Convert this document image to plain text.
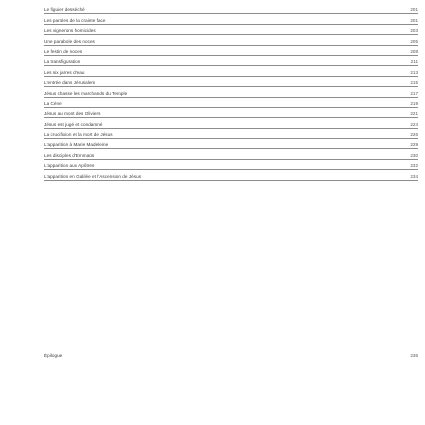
Le figuier desséché	201
Les paroles de la crainte face	201
Les vignerons homicides	203
Une parabole des noces	205
Le festin de noces	208
La transfiguration	211
Les six jarres d'eau	213
L'entrée dans Jérusalem	215
Jésus chasse les marchands du Temple	217
La Cène	219
Jésus au mont des Oliviers	221
Jésus est jugé et condamné	224
La crucifixion et la mort de Jésus	226
L'apparition à Marie Madeleine	229
Les disciples d'Emmaüs	230
L'apparition aux Apôtres	232
L'apparition en Galilée et l'Ascension de Jésus	234
Épilogue	236
